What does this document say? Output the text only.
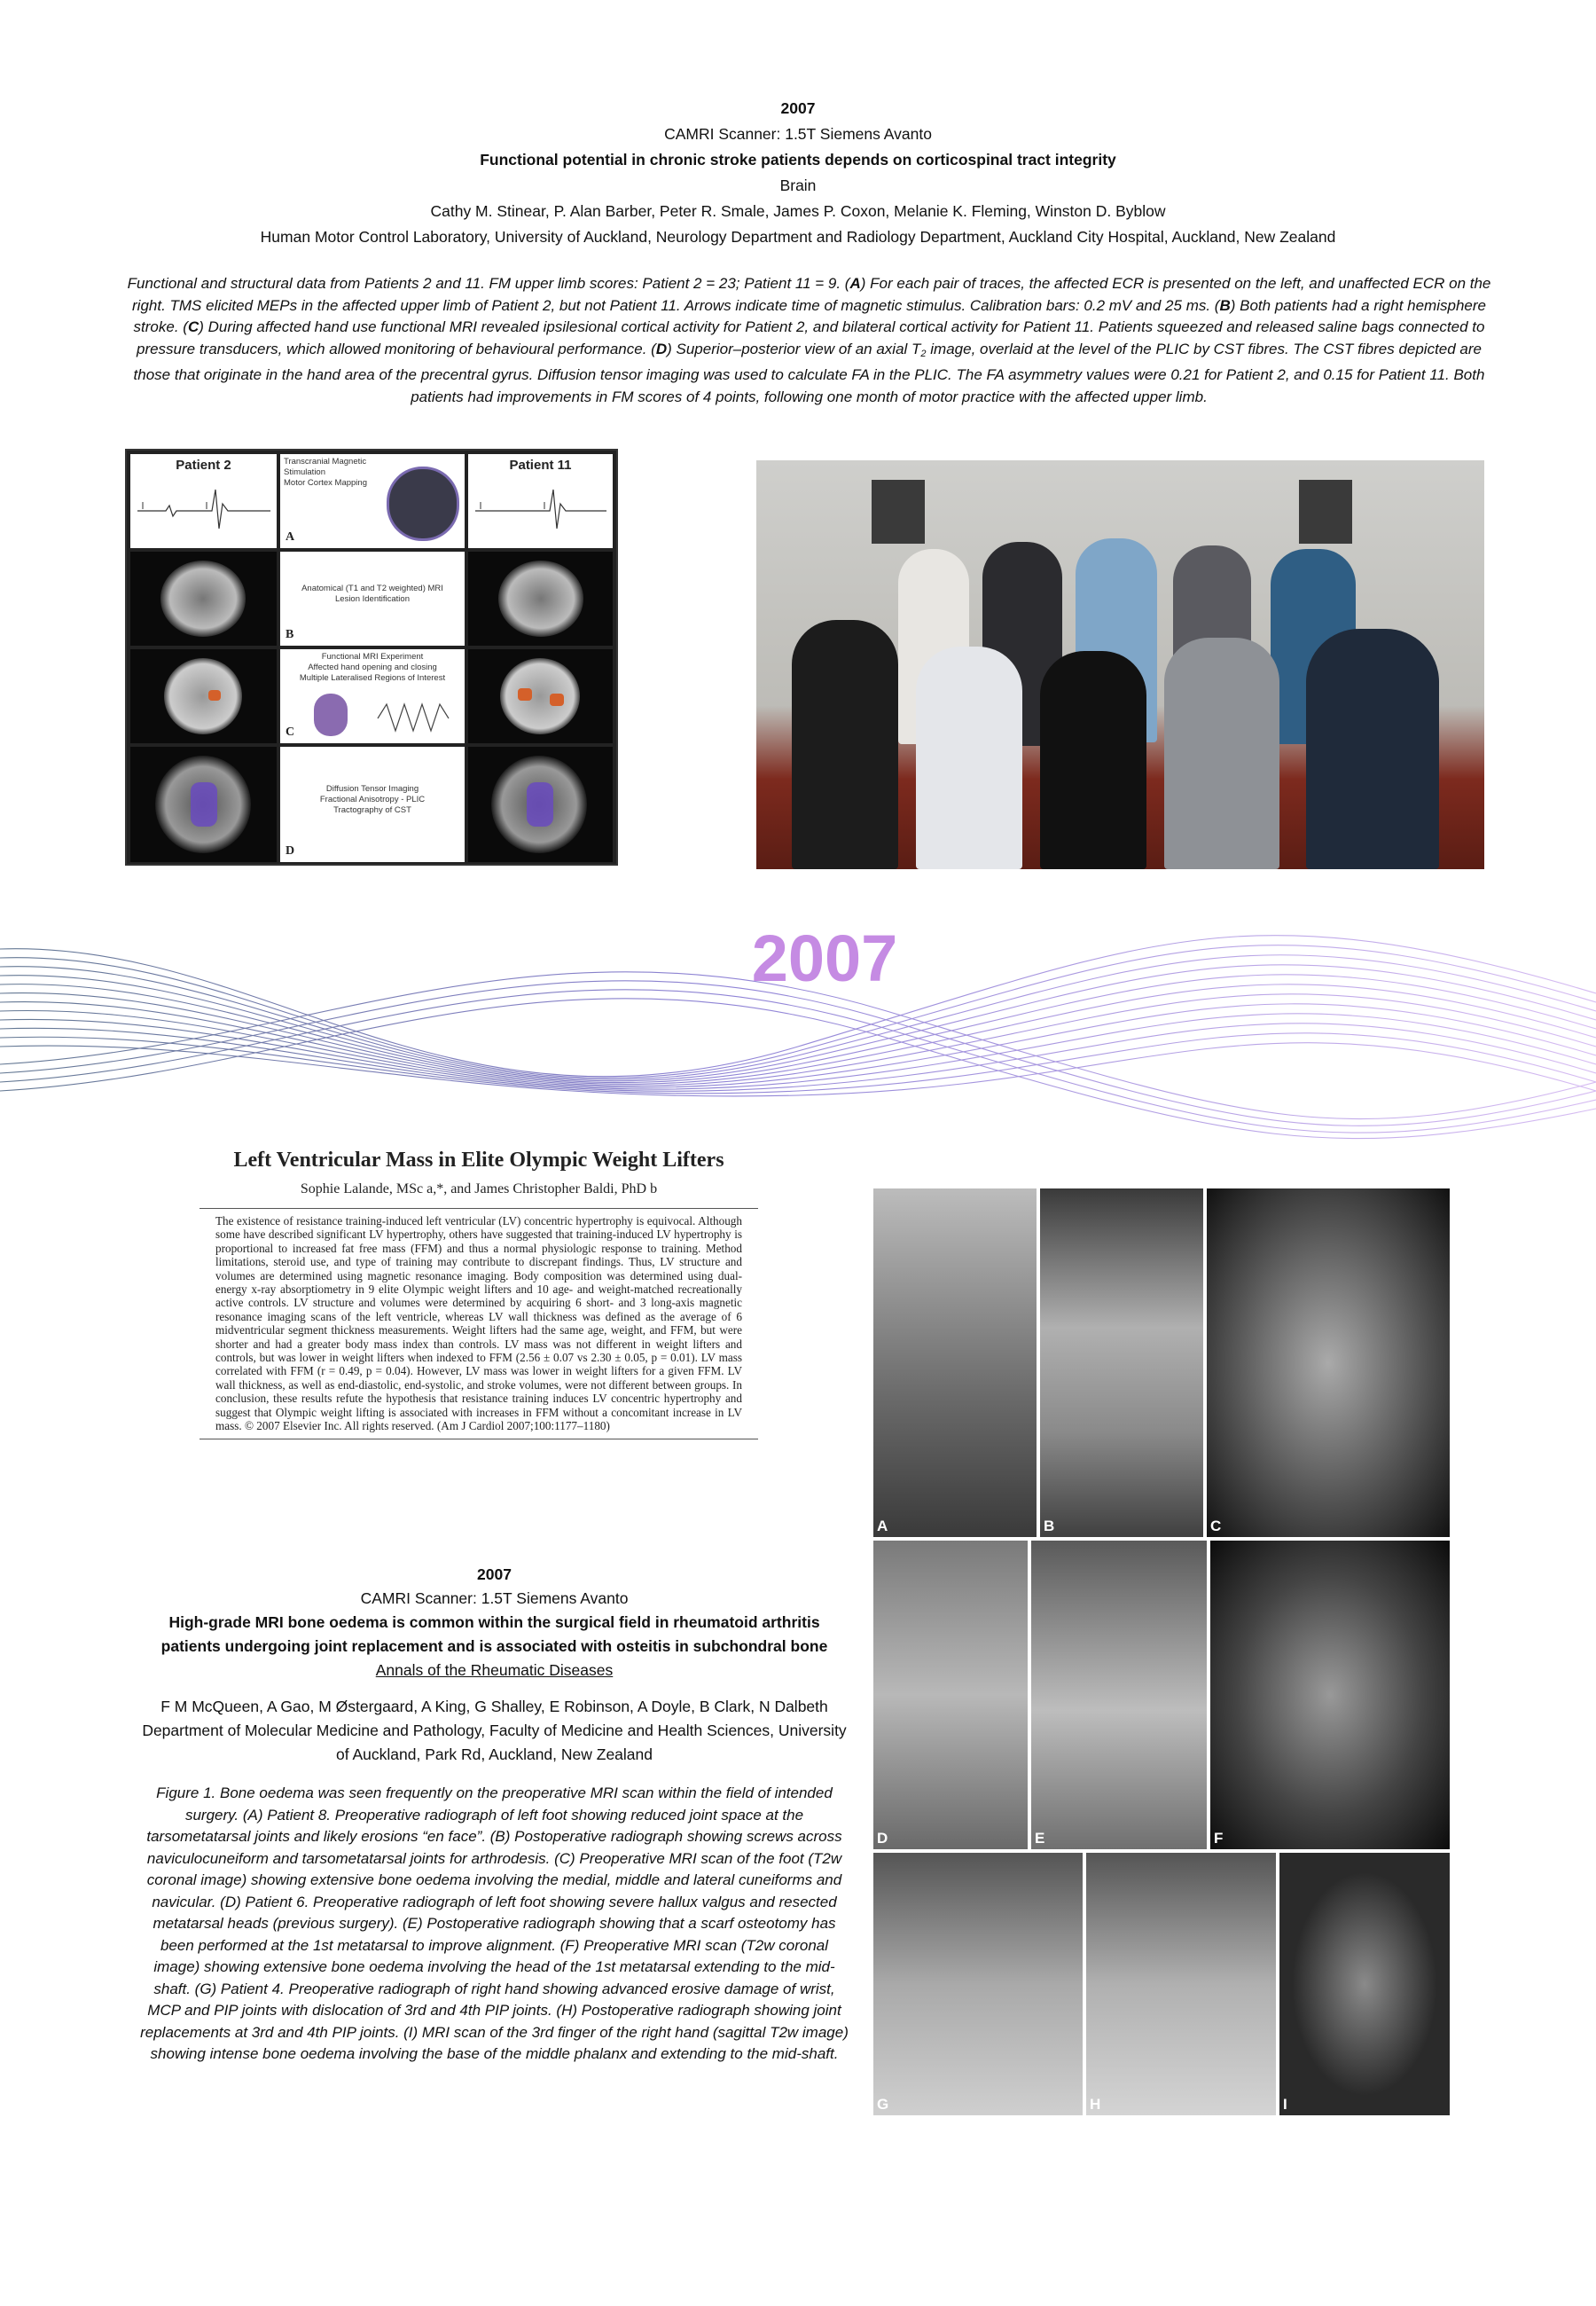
2007

CAMRI Scanner: 1.5T Siemens Avanto

Functional potential in chronic stroke patients depends on corticospinal tract integrity

Brain

Cathy M. Stinear, P. Alan Barber, Peter R. Smale, James P. Coxon, Melanie K. Fleming, Winston D. Byblow

Human Motor Control Laboratory, University of Auckland, Neurology Department and Radiology Department, Auckland City Hospital, Auckland, New Zealand

Functional and structural data from Patients 2 and 11. FM upper limb scores: Patient 2 = 23; Patient 11 = 9. (A) For each pair of traces, the affected ECR is presented on the left, and unaffected ECR on the right. TMS elicited MEPs in the affected upper limb of Patient 2, but not Patient 11. Arrows indicate time of magnetic stimulus. Calibration bars: 0.2 mV and 25 ms. (B) Both patients had a right hemisphere stroke. (C) During affected hand use functional MRI revealed ipsilesional cortical activity for Patient 2, and bilateral cortical activity for Patient 11. Patients squeezed and released saline bags connected to pressure transducers, which allowed monitoring of behavioural performance. (D) Superior–posterior view of an axial $T_2$ image, overlaid at the level of the PLIC by CST fibres. The CST fibres depicted are those that originate in the hand area of the precentral gyrus. Diffusion tensor imaging was used to calculate FA in the PLIC. The FA asymmetry values were 0.21 for Patient 2, and 0.15 for Patient 11. Both patients had improvements in FM scores of 4 points, following one month of motor practice with the affected upper limb.
Patient 2	Transcranial Magnetic
Stimulation
Motor Cortex Mapping
A
Patient 11
Anatomical (T1 and T2 weighted) MRI
Lesion Identification
B
Functional MRI Experiment
Affected hand opening and closing
Multiple Lateralised Regions of Interest
C
Diffusion Tensor Imaging
Fractional Anisotropy - PLIC
Tractography of CST
D
2007
Left Ventricular Mass in Elite Olympic Weight Lifters
Sophie Lalande, MSc a,*, and James Christopher Baldi, PhD b
The existence of resistance training-induced left ventricular (LV) concentric hypertrophy is equivocal. Although some have described significant LV hypertrophy, others have suggested that training-induced LV hypertrophy is proportional to increased fat free mass (FFM) and thus a normal physiologic response to training. Method limitations, steroid use, and type of training may contribute to discrepant findings. Thus, LV structure and volumes are determined using magnetic resonance imaging. Body composition was determined using dual-energy x-ray absorptiometry in 9 elite Olympic weight lifters and 10 age- and weight-matched recreationally active controls. LV structure and volumes were determined by acquiring 6 short- and 3 long-axis magnetic resonance imaging scans of the left ventricle, whereas LV wall thickness was defined as the average of 6 midventricular segment thickness measurements. Weight lifters had the same age, weight, and FFM, but were shorter and had a greater body mass index than controls. LV mass was not different in weight lifters and controls, but was lower in weight lifters when indexed to FFM (2.56 ± 0.07 vs 2.30 ± 0.05, p = 0.01). LV mass correlated with FFM (r = 0.49, p = 0.04). However, LV mass was lower in weight lifters for a given FFM. LV wall thickness, as well as end-diastolic, end-systolic, and stroke volumes, were not different between groups. In conclusion, these results refute the hypothesis that resistance training induces LV concentric hypertrophy and suggest that Olympic weight lifting is associated with increases in FFM without a concomitant increase in LV mass. © 2007 Elsevier Inc. All rights reserved. (Am J Cardiol 2007;100:1177–1180)

2007

CAMRI Scanner: 1.5T Siemens Avanto

High-grade MRI bone oedema is common within the surgical field in rheumatoid arthritis patients undergoing joint replacement and is associated with osteitis in subchondral bone

Annals of the Rheumatic Diseases

F M McQueen, A Gao, M Østergaard, A King, G Shalley, E Robinson, A Doyle, B Clark, N Dalbeth

Department of Molecular Medicine and Pathology, Faculty of Medicine and Health Sciences, University of Auckland, Park Rd, Auckland, New Zealand

Figure 1. Bone oedema was seen frequently on the preoperative MRI scan within the field of intended surgery. (A) Patient 8. Preoperative radiograph of left foot showing reduced joint space at the tarsometatarsal joints and likely erosions “en face”. (B) Postoperative radiograph showing screws across naviculocuneiform and tarsometatarsal joints for arthrodesis. (C) Preoperative MRI scan of the foot (T2w coronal image) showing extensive bone oedema involving the medial, middle and lateral cuneiforms and navicular. (D) Patient 6. Preoperative radiograph of left foot showing severe hallux valgus and resected metatarsal heads (previous surgery). (E) Postoperative radiograph showing that a scarf osteotomy has been performed at the 1st metatarsal to improve alignment. (F) Preoperative MRI scan (T2w coronal image) showing extensive bone oedema involving the head of the 1st metatarsal extending to the mid-shaft. (G) Patient 4. Preoperative radiograph of right hand showing advanced erosive damage of wrist, MCP and PIP joints with dislocation of 3rd and 4th PIP joints. (H) Postoperative radiograph showing joint replacements at 3rd and 4th PIP joints. (I) MRI scan of the 3rd finger of the right hand (sagittal T2w image) showing intense bone oedema involving the base of the middle phalanx and extending to the mid-shaft.
A	B	C
D	E	F
G	H	I
